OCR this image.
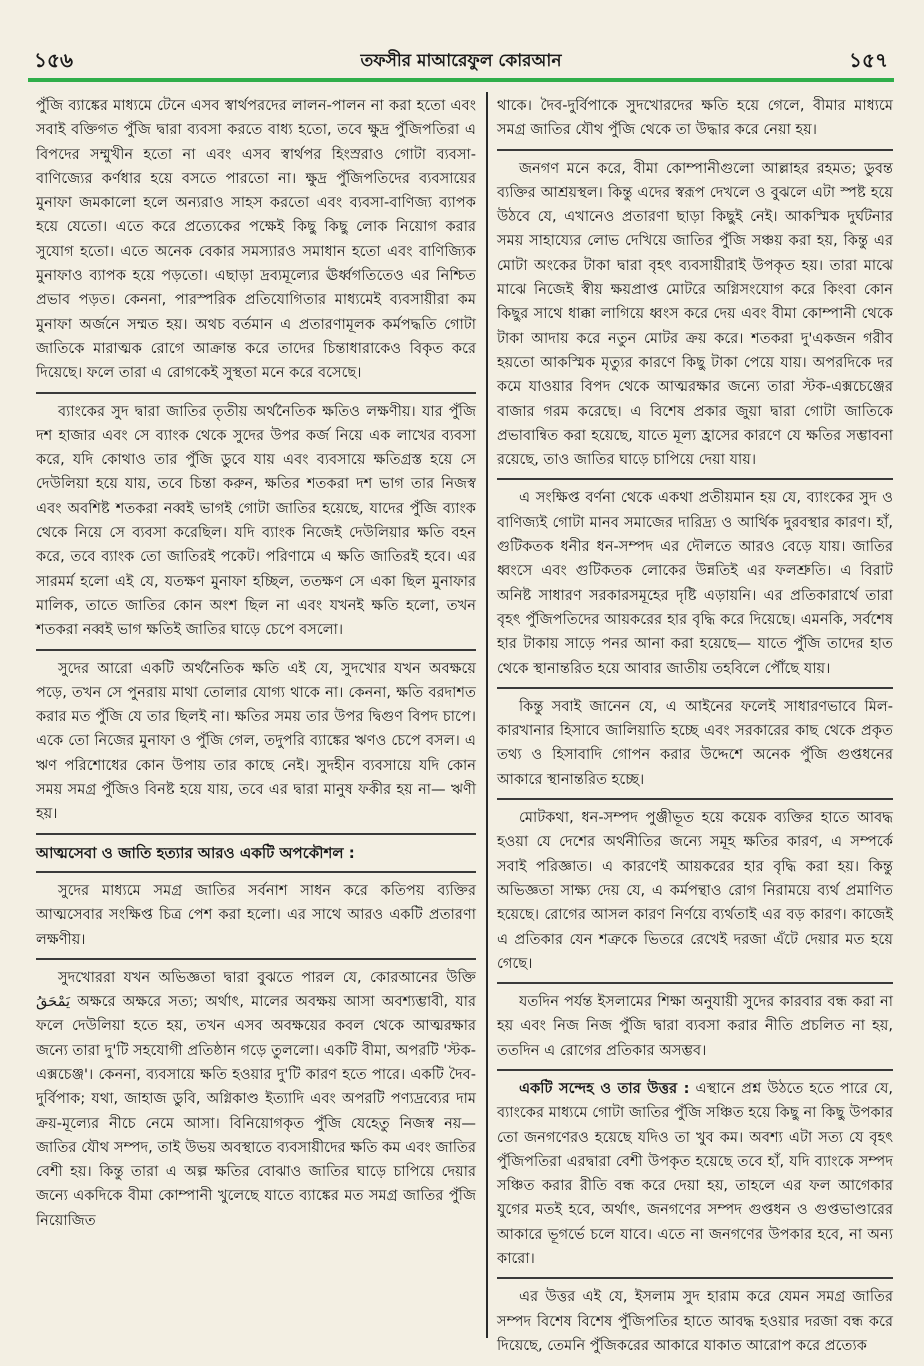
১৫৬	তফসীর মাআরেফুল কোরআন	১৫৭

পুঁজি ব্যাঙ্কের মাধ্যমে টেনে এসব স্বার্থপরদের লালন-পালন না করা হতো এবং সবাই বক্তিগত পুঁজি দ্বারা ব্যবসা করতে বাধ্য হতো, তবে ক্ষুদ্র পুঁজিপতিরা এ বিপদের সম্মুখীন হতো না এবং এসব স্বার্থপর হিংস্ররাও গোটা ব্যবসা-বাণিজ্যের কর্ণধার হয়ে বসতে পারতো না। ক্ষুদ্র পুঁজিপতিদের ব্যবসায়ের মুনাফা জমকালো হলে অন্যরাও সাহস করতো এবং ব্যবসা-বাণিজ্য ব্যাপক হয়ে যেতো। এতে করে প্রত্যেকের পক্ষেই কিছু কিছু লোক নিয়োগ করার সুযোগ হতো। এতে অনেক বেকার সমস্যারও সমাধান হতো এবং বাণিজ্যিক মুনাফাও ব্যাপক হয়ে পড়তো। এছাড়া দ্রব্যমূল্যের ঊর্ধ্বগতিতেও এর নিশ্চিত প্রভাব পড়ত। কেননা, পারস্পরিক প্রতিযোগিতার মাধ্যমেই ব্যবসায়ীরা কম মুনাফা অর্জনে সম্মত হয়। অথচ বর্তমান এ প্রতারণামূলক কর্মপদ্ধতি গোটা জাতিকে মারাত্মক রোগে আক্রান্ত করে তাদের চিন্তাধারাকেও বিকৃত করে দিয়েছে। ফলে তারা এ রোগকেই সুস্থতা মনে করে বসেছে।

ব্যাংকের সুদ দ্বারা জাতির তৃতীয় অর্থনৈতিক ক্ষতিও লক্ষণীয়। যার পুঁজি দশ হাজার এবং সে ব্যাংক থেকে সুদের উপর কর্জ নিয়ে এক লাখের ব্যবসা করে, যদি কোথাও তার পুঁজি ডুবে যায় এবং ব্যবসায়ে ক্ষতিগ্রস্ত হয়ে সে দেউলিয়া হয়ে যায়, তবে চিন্তা করুন, ক্ষতির শতকরা দশ ভাগ তার নিজস্ব এবং অবশিষ্ট শতকরা নব্বই ভাগই গোটা জাতির হয়েছে, যাদের পুঁজি ব্যাংক থেকে নিয়ে সে ব্যবসা করেছিল। যদি ব্যাংক নিজেই দেউলিয়ার ক্ষতি বহন করে, তবে ব্যাংক তো জাতিরই পকেট। পরিণামে এ ক্ষতি জাতিরই হবে। এর সারমর্ম হলো এই যে, যতক্ষণ মুনাফা হচ্ছিল, ততক্ষণ সে একা ছিল মুনাফার মালিক, তাতে জাতির কোন অংশ ছিল না এবং যখনই ক্ষতি হলো, তখন শতকরা নব্বই ভাগ ক্ষতিই জাতির ঘাড়ে চেপে বসলো।

সুদের আরো একটি অর্থনৈতিক ক্ষতি এই যে, সুদখোর যখন অবক্ষয়ে পড়ে, তখন সে পুনরায় মাথা তোলার যোগ্য থাকে না। কেননা, ক্ষতি বরদাশত করার মত পুঁজি যে তার ছিলই না। ক্ষতির সময় তার উপর দ্বিগুণ বিপদ চাপে। একে তো নিজের মুনাফা ও পুঁজি গেল, তদুপরি ব্যাঙ্কের ঋণও চেপে বসল। এ ঋণ পরিশোধের কোন উপায় তার কাছে নেই। সুদহীন ব্যবসায়ে যদি কোন সময় সমগ্র পুঁজিও বিনষ্ট হয়ে যায়, তবে এর দ্বারা মানুষ ফকীর হয় না— ঋণী হয়।

আত্মসেবা ও জাতি হত্যার আরও একটি অপকৌশল :

সুদের মাধ্যমে সমগ্র জাতির সর্বনাশ সাধন করে কতিপয় ব্যক্তির আত্মসেবার সংক্ষিপ্ত চিত্র পেশ করা হলো। এর সাথে আরও একটি প্রতারণা লক্ষণীয়।

সুদখোররা যখন অভিজ্ঞতা দ্বারা বুঝতে পারল যে, কোরআনের উক্তি يَمْحَقُ অক্ষরে অক্ষরে সত্য; অর্থাৎ, মালের অবক্ষয় আসা অবশ্যম্ভাবী, যার ফলে দেউলিয়া হতে হয়, তখন এসব অবক্ষয়ের কবল থেকে আত্মরক্ষার জন্যে তারা দু'টি সহযোগী প্রতিষ্ঠান গড়ে তুললো। একটি বীমা, অপরটি 'স্টক-এক্সচেঞ্জ'। কেননা, ব্যবসায়ে ক্ষতি হওয়ার দু'টি কারণ হতে পারে। একটি দৈব-দুর্বিপাক; যথা, জাহাজ ডুবি, অগ্নিকাণ্ড ইত্যাদি এবং অপরটি পণ্যদ্রব্যের দাম ক্রয়-মূল্যের নীচে নেমে আসা। বিনিয়োগকৃত পুঁজি যেহেতু নিজস্ব নয়— জাতির যৌথ সম্পদ, তাই উভয় অবস্থাতে ব্যবসায়ীদের ক্ষতি কম এবং জাতির বেশী হয়। কিন্তু তারা এ অল্প ক্ষতির বোঝাও জাতির ঘাড়ে চাপিয়ে দেয়ার জন্যে একদিকে বীমা কোম্পানী খুলেছে যাতে ব্যাঙ্কের মত সমগ্র জাতির পুঁজি নিয়োজিত

থাকে। দৈব-দুর্বিপাকে সুদখোরদের ক্ষতি হয়ে গেলে, বীমার মাধ্যমে সমগ্র জাতির যৌথ পুঁজি থেকে তা উদ্ধার করে নেয়া হয়।

জনগণ মনে করে, বীমা কোম্পানীগুলো আল্লাহর রহমত; ডুবন্ত ব্যক্তির আশ্রয়স্থল। কিন্তু এদের স্বরূপ দেখলে ও বুঝলে এটা স্পষ্ট হয়ে উঠবে যে, এখানেও প্রতারণা ছাড়া কিছুই নেই। আকস্মিক দুর্ঘটনার সময় সাহায্যের লোভ দেখিয়ে জাতির পুঁজি সঞ্চয় করা হয়, কিন্তু এর মোটা অংকের টাকা দ্বারা বৃহৎ ব্যবসায়ীরাই উপকৃত হয়। তারা মাঝে মাঝে নিজেই স্বীয় ক্ষয়প্রাপ্ত মোটরে অগ্নিসংযোগ করে কিংবা কোন কিছুর সাথে ধাক্কা লাগিয়ে ধ্বংস করে দেয় এবং বীমা কোম্পানী থেকে টাকা আদায় করে নতুন মোটর ক্রয় করে। শতকরা দু'একজন গরীব হয়তো আকস্মিক মৃত্যুর কারণে কিছু টাকা পেয়ে যায়। অপরদিকে দর কমে যাওয়ার বিপদ থেকে আত্মরক্ষার জন্যে তারা স্টক-এক্সচেঞ্জের বাজার গরম করেছে। এ বিশেষ প্রকার জুয়া দ্বারা গোটা জাতিকে প্রভাবান্বিত করা হয়েছে, যাতে মূল্য হ্রাসের কারণে যে ক্ষতির সম্ভাবনা রয়েছে, তাও জাতির ঘাড়ে চাপিয়ে দেয়া যায়।

এ সংক্ষিপ্ত বর্ণনা থেকে একথা প্রতীয়মান হয় যে, ব্যাংকের সুদ ও বাণিজ্যই গোটা মানব সমাজের দারিদ্র্য ও আর্থিক দুরবস্থার কারণ। হাঁ, গুটিকতক ধনীর ধন-সম্পদ এর দৌলতে আরও বেড়ে যায়। জাতির ধ্বংসে এবং গুটিকতক লোকের উন্নতিই এর ফলশ্রুতি। এ বিরাট অনিষ্ট সাধারণ সরকারসমূহের দৃষ্টি এড়ায়নি। এর প্রতিকারার্থে তারা বৃহৎ পুঁজিপতিদের আয়করের হার বৃদ্ধি করে দিয়েছে। এমনকি, সর্বশেষ হার টাকায় সাড়ে পনর আনা করা হয়েছে— যাতে পুঁজি তাদের হাত থেকে স্থানান্তরিত হয়ে আবার জাতীয় তহবিলে পৌঁছে যায়।

কিন্তু সবাই জানেন যে, এ আইনের ফলেই সাধারণভাবে মিল-কারখানার হিসাবে জালিয়াতি হচ্ছে এবং সরকারের কাছ থেকে প্রকৃত তথ্য ও হিসাবাদি গোপন করার উদ্দেশে অনেক পুঁজি গুপ্তধনের আকারে স্থানান্তরিত হচ্ছে।

মোটকথা, ধন-সম্পদ পুঞ্জীভূত হয়ে কয়েক ব্যক্তির হাতে আবদ্ধ হওয়া যে দেশের অর্থনীতির জন্যে সমূহ ক্ষতির কারণ, এ সম্পর্কে সবাই পরিজ্ঞাত। এ কারণেই আয়করের হার বৃদ্ধি করা হয়। কিন্তু অভিজ্ঞতা সাক্ষ্য দেয় যে, এ কর্মপন্থাও রোগ নিরাময়ে ব্যর্থ প্রমাণিত হয়েছে। রোগের আসল কারণ নির্ণয়ে ব্যর্থতাই এর বড় কারণ। কাজেই এ প্রতিকার যেন শত্রুকে ভিতরে রেখেই দরজা এঁটে দেয়ার মত হয়ে গেছে।

যতদিন পর্যন্ত ইসলামের শিক্ষা অনুযায়ী সুদের কারবার বন্ধ করা না হয় এবং নিজ নিজ পুঁজি দ্বারা ব্যবসা করার নীতি প্রচলিত না হয়, ততদিন এ রোগের প্রতিকার অসম্ভব।

একটি সন্দেহ ও তার উত্তর : এস্থানে প্রশ্ন উঠতে হতে পারে যে, ব্যাংকের মাধ্যমে গোটা জাতির পুঁজি সঞ্চিত হয়ে কিছু না কিছু উপকার তো জনগণেরও হয়েছে যদিও তা খুব কম। অবশ্য এটা সত্য যে বৃহৎ পুঁজিপতিরা এরদ্বারা বেশী উপকৃত হয়েছে তবে হাঁ, যদি ব্যাংকে সম্পদ সঞ্চিত করার রীতি বন্ধ করে দেয়া হয়, তাহলে এর ফল আগেকার যুগের মতই হবে, অর্থাৎ, জনগণের সম্পদ গুপ্তধন ও গুপ্তভাণ্ডারের আকারে ভূগর্ভে চলে যাবে। এতে না জনগণের উপকার হবে, না অন্য কারো।

এর উত্তর এই যে, ইসলাম সুদ হারাম করে যেমন সমগ্র জাতির সম্পদ বিশেষ বিশেষ পুঁজিপতির হাতে আবদ্ধ হওয়ার দরজা বন্ধ করে দিয়েছে, তেমনি পুঁজিকরের আকারে যাকাত আরোপ করে প্রত্যেক
